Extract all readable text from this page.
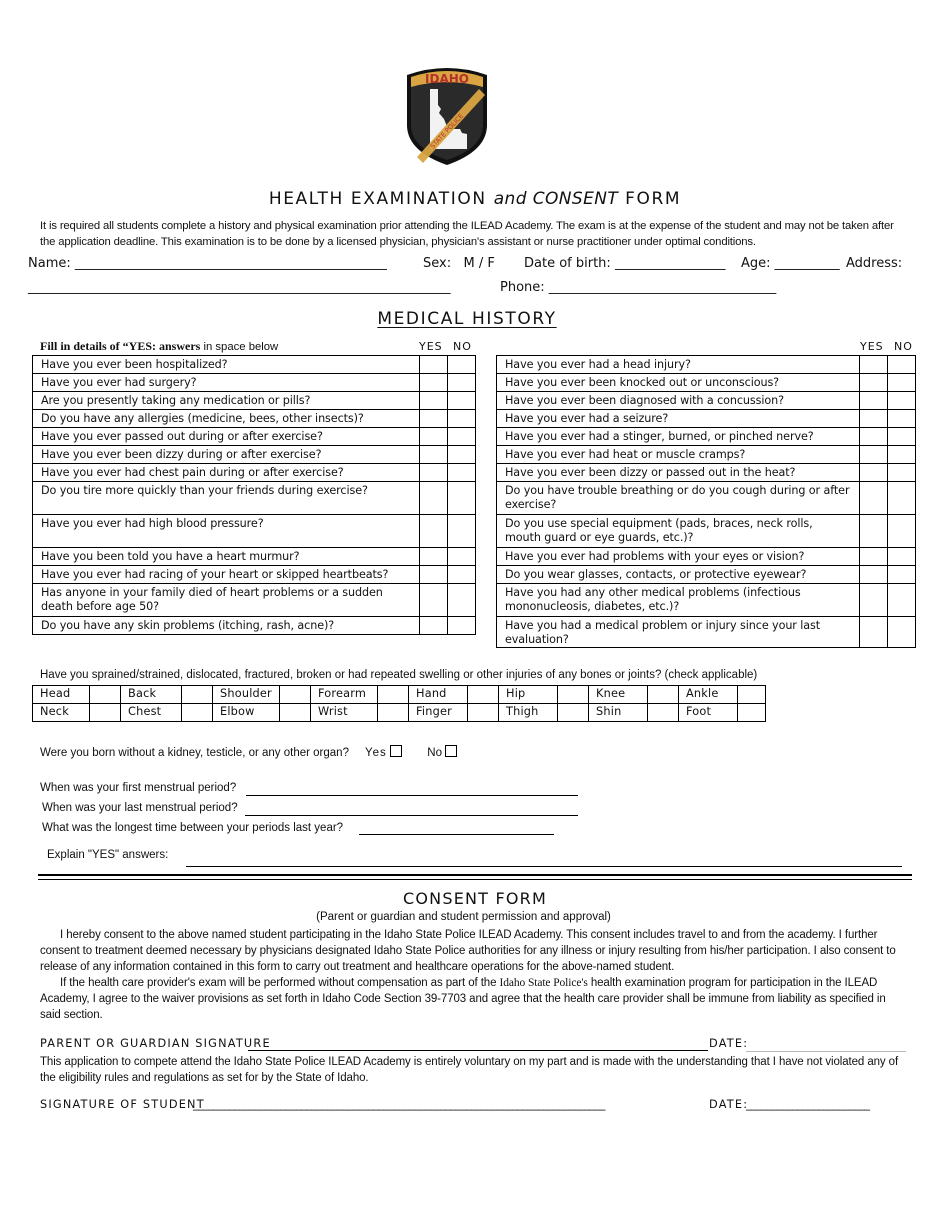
IDAHO
STATE POLICE
HEALTH EXAMINATION and CONSENT FORM
It is required all students complete a history and physical examination prior attending the ILEAD Academy. The exam is at the expense of the student and may not be taken after the application deadline. This examination is to be done by a licensed physician, physician's assistant or nurse practitioner under optimal conditions.
Name: ________________________________________________	Sex: M / F Date of birth: _________________ Age: __________ Address:
_________________________________________________________________	Phone: ___________________________________
MEDICAL HISTORY
Fill in details of “YES: answers in space below	YES NO	YES NO
Have you ever been hospitalized?		
Have you ever had surgery?		
Are you presently taking any medication or pills?		
Do you have any allergies (medicine, bees, other insects)?		
Have you ever passed out during or after exercise?		
Have you ever been dizzy during or after exercise?		
Have you ever had chest pain during or after exercise?		
Do you tire more quickly than your friends during exercise?		
Have you ever had high blood pressure?		
Have you been told you have a heart murmur?		
Have you ever had racing of your heart or skipped heartbeats?		
Has anyone in your family died of heart problems or a sudden death before age 50?		
Do you have any skin problems (itching, rash, acne)?		
Have you ever had a head injury?		
Have you ever been knocked out or unconscious?		
Have you ever been diagnosed with a concussion?		
Have you ever had a seizure?		
Have you ever had a stinger, burned, or pinched nerve?		
Have you ever had heat or muscle cramps?		
Have you ever been dizzy or passed out in the heat?		
Do you have trouble breathing or do you cough during or after exercise?		
Do you use special equipment (pads, braces, neck rolls, mouth guard or eye guards, etc.)?		
Have you ever had problems with your eyes or vision?		
Do you wear glasses, contacts, or protective eyewear?		
Have you had any other medical problems (infectious mononucleosis, diabetes, etc.)?		
Have you had a medical problem or injury since your last evaluation?		
Have you sprained/strained, dislocated, fractured, broken or had repeated swelling or other injuries of any bones or joints? (check applicable)
Head		Back		Shoulder		Forearm		Hand		Hip		Knee		Ankle	
Neck		Chest		Elbow		Wrist		Finger		Thigh		Shin		Foot	
Were you born without a kidney, testicle, or any other organ? Yes	No
When was your first menstrual period?
When was your last menstrual period?
What was the longest time between your periods last year?
Explain "YES" answers:
CONSENT FORM
(Parent or guardian and student permission and approval)

I hereby consent to the above named student participating in the Idaho State Police ILEAD Academy. This consent includes travel to and from the academy. I further consent to treatment deemed necessary by physicians designated Idaho State Police authorities for any illness or injury resulting from his/her participation. I also consent to release of any information contained in this form to carry out treatment and healthcare operations for the above-named student.

If the health care provider's exam will be performed without compensation as part of the Idaho State Police's health examination program for participation in the ILEAD Academy, I agree to the waiver provisions as set forth in Idaho Code Section 39-7703 and agree that the health care provider shall be immune from liability as specified in said section.

PARENT OR GUARDIAN SIGNATURE	DATE:
This application to compete attend the Idaho State Police ILEAD Academy is entirely voluntary on my part and is made with the understanding that I have not violated any of the eligibility rules and regulations as set for by the State of Idaho.
SIGNATURE OF STUDENT
________________________________________________________________________________	DATE:
________________________
